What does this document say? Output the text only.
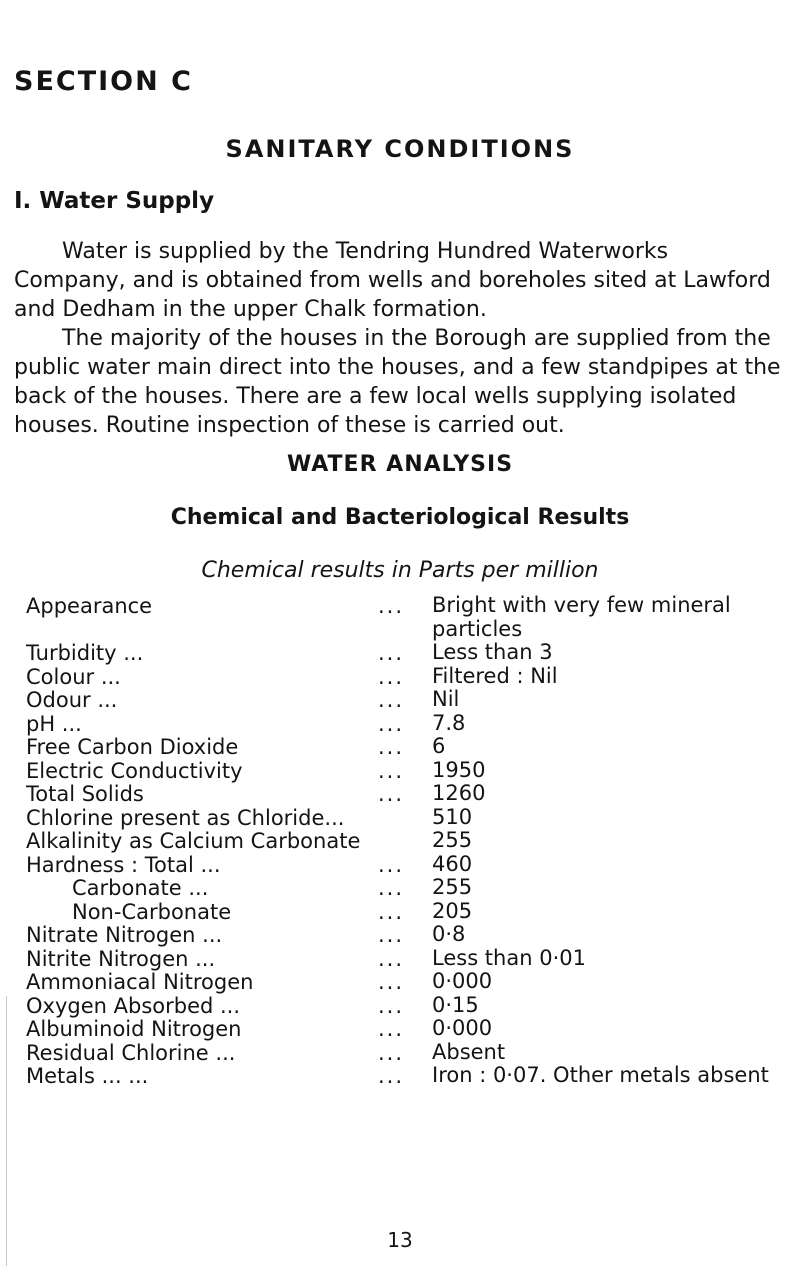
SECTION C
SANITARY CONDITIONS
I. Water Supply

Water is supplied by the Tendring Hundred Waterworks Company, and is obtained from wells and boreholes sited at Lawford and Dedham in the upper Chalk formation.

The majority of the houses in the Borough are supplied from the public water main direct into the houses, and a few standpipes at the back of the houses. There are a few local wells supplying isolated houses. Routine inspection of these is carried out.

WATER ANALYSIS
Chemical and Bacteriological Results

Chemical results in Parts per million

Appearance	... Bright with very few mineral particles
Turbidity ...	... Less than 3
Colour ...	... Filtered : Nil
Odour ...	... Nil
pH ...	... 7.8
Free Carbon Dioxide	... 6
Electric Conductivity	... 1950
Total Solids	... 1260
Chlorine present as Chloride...	510
Alkalinity as Calcium Carbonate	255
Hardness : Total ...	... 460
Carbonate ...	... 255
Non-Carbonate	... 205
Nitrate Nitrogen ...	... 0·8
Nitrite Nitrogen ...	... Less than 0·01
Ammoniacal Nitrogen	... 0·000
Oxygen Absorbed ...	... 0·15
Albuminoid Nitrogen	... 0·000
Residual Chlorine ...	... Absent
Metals ... ...	... Iron : 0·07. Other metals absent

13
